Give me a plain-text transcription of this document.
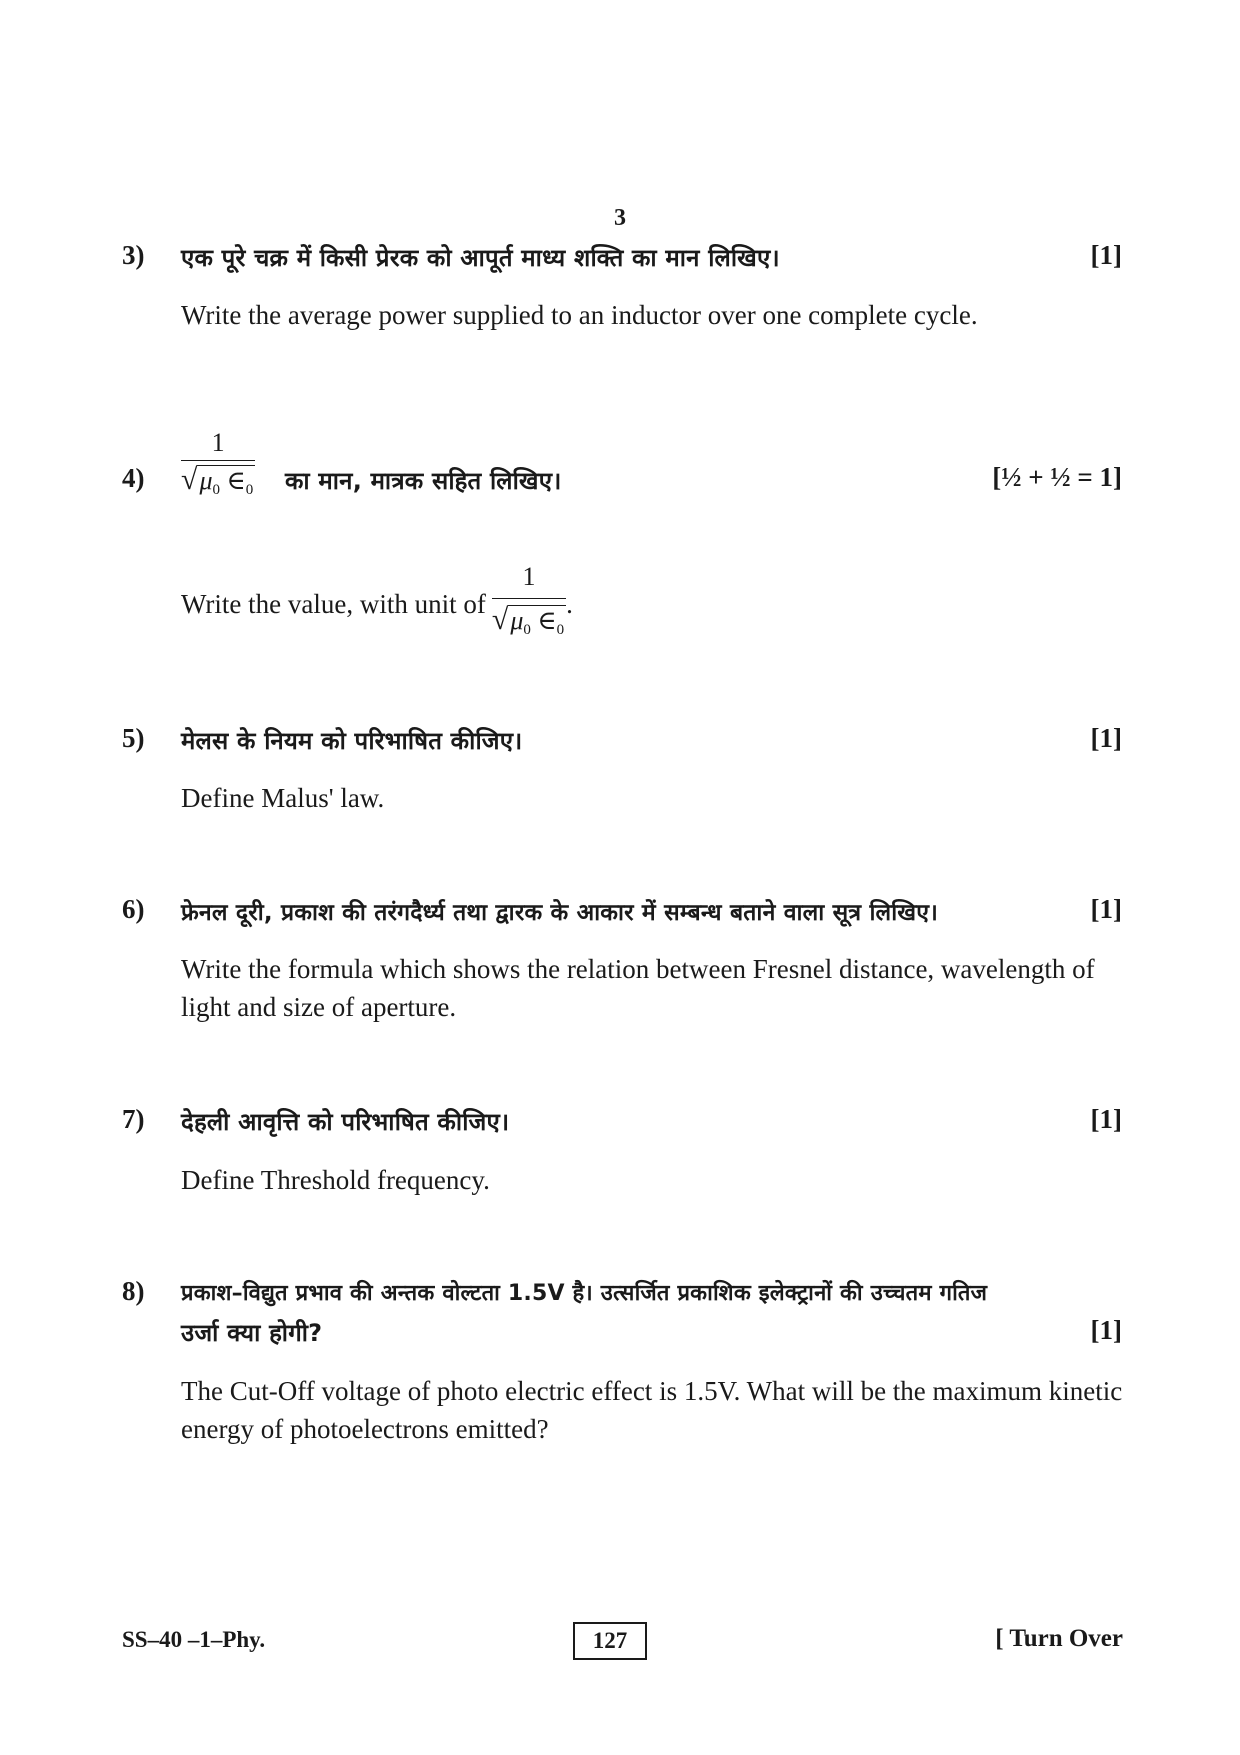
3
3) एक पूरे चक्र में किसी प्रेरक को आपूर्त माध्य शक्ति का मान लिखिए।	[1]
Write the average power supplied to an inductor over one complete cycle.
$4) \frac{1}{√\mu_0 \in_0}$ का मान, मात्रक सहित लिखिए।	[½ + ½ = 1]
Write the value, with unit of $\frac{1}{√\mu_0 \in_0}$ .
5) मेलस के नियम को परिभाषित कीजिए।	[1]
Define Malus' law.
6) फ्रेनल दूरी, प्रकाश की तरंगदैर्ध्य तथा द्वारक के आकार में सम्बन्ध बताने वाला सूत्र लिखिए।	[1]
Write the formula which shows the relation between Fresnel distance, wavelength of light and size of aperture.
7) देहली आवृत्ति को परिभाषित कीजिए।	[1]
Define Threshold frequency.
8) प्रकाश–विद्युत प्रभाव की अन्तक वोल्टता 1.5V है। उत्सर्जित प्रकाशिक इलेक्ट्रानों की उच्चतम गतिज
उर्जा क्या होगी?	[1]
The Cut-Off voltage of photo electric effect is 1.5V. What will be the maximum kinetic energy of photoelectrons emitted?
SS–40 –1–Phy.	127	[ Turn Over
